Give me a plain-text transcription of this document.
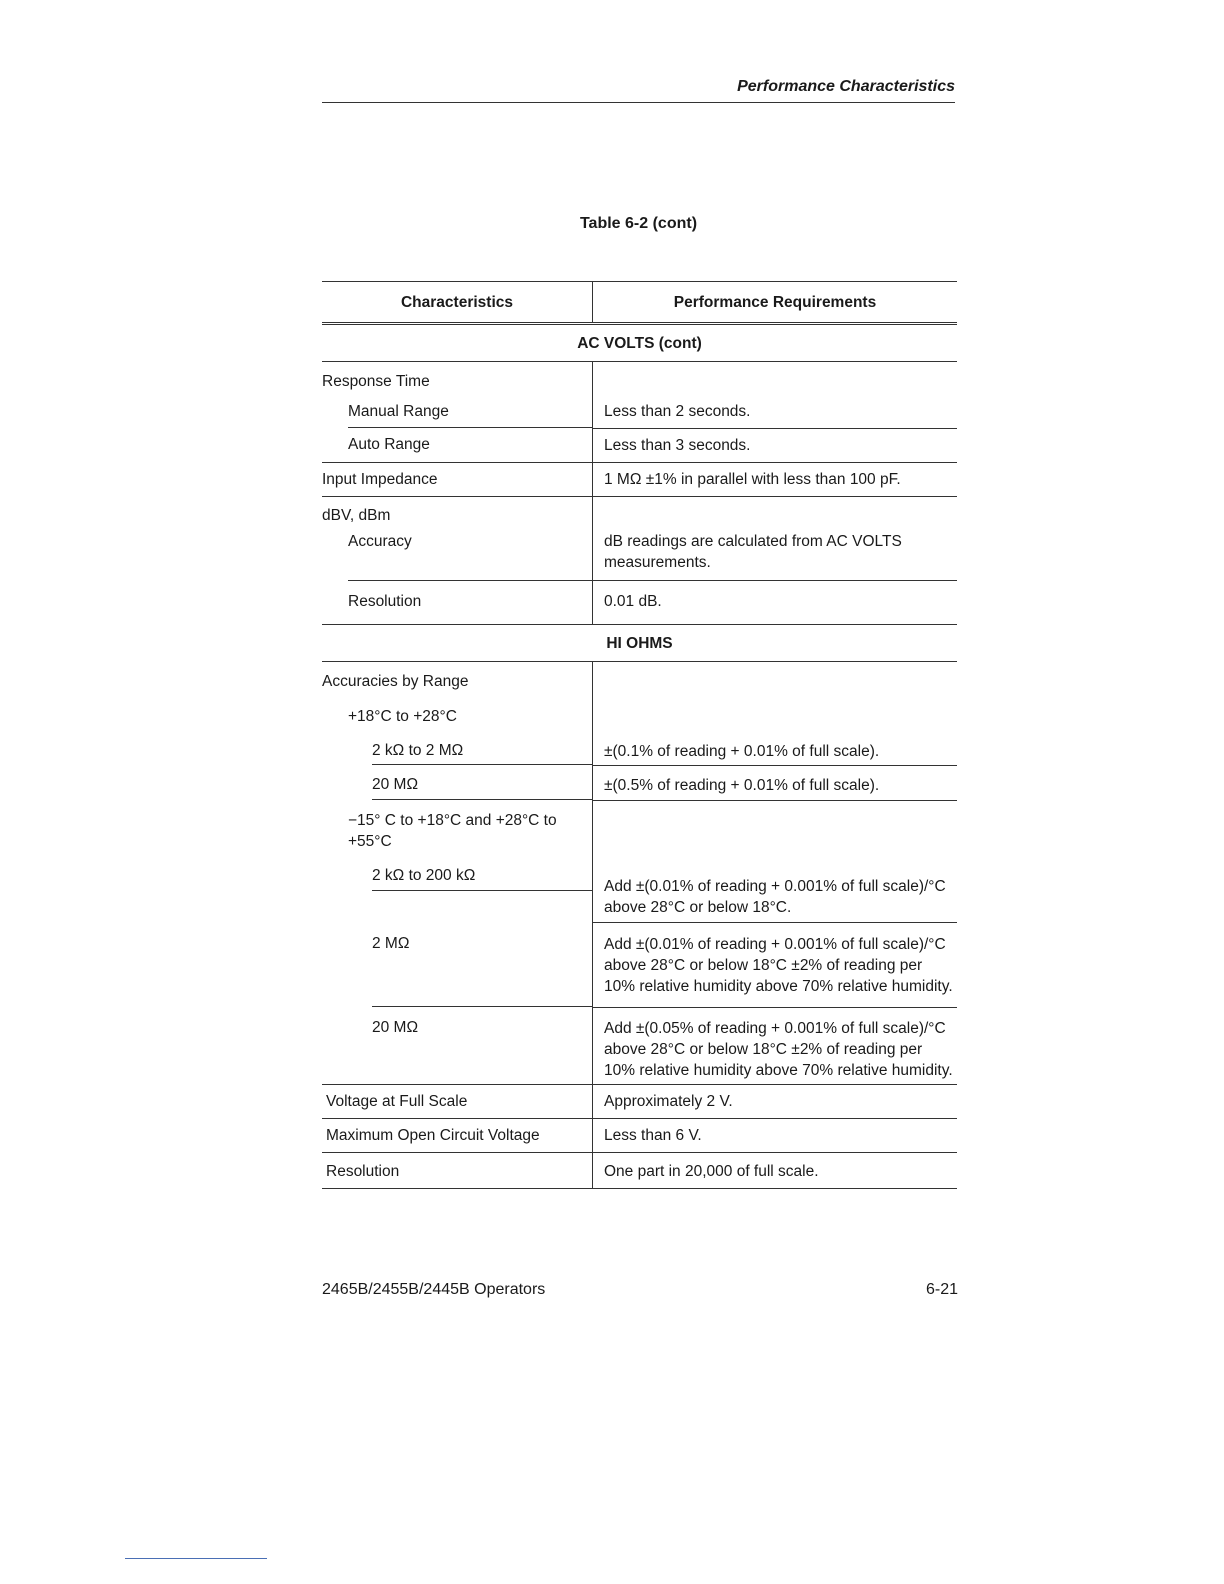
Performance Characteristics
Table 6-2 (cont)
Characteristics	Performance Requirements
AC VOLTS (cont)	

Response Time	

Manual Range	Less than 2 seconds.

Auto Range	Less than 3 seconds.
Input Impedance	1 MΩ ±1% in parallel with less than 100 pF.

dBV, dBm
Accuracy	dB readings are calculated from AC VOLTS measurements.

Resolution	0.01 dB.
HI OHMS	

Accuracies by Range
+18°C to +28°C
2 kΩ to 2 MΩ	±(0.1% of reading + 0.01% of full scale).

20 MΩ	±(0.5% of reading + 0.01% of full scale).

−15° C to +18°C and +28°C to +55°C
2 kΩ to 200 kΩ	Add ±(0.01% of reading + 0.001% of full scale)/°C above 28°C or below 18°C.

2 MΩ	Add ±(0.01% of reading + 0.001% of full scale)/°C above 28°C or below 18°C ±2% of reading per 10% relative humidity above 70% relative humidity.

20 MΩ	Add ±(0.05% of reading + 0.001% of full scale)/°C above 28°C or below 18°C ±2% of reading per 10% relative humidity above 70% relative humidity.
Voltage at Full Scale	Approximately 2 V.
Maximum Open Circuit Voltage	Less than 6 V.
Resolution	One part in 20,000 of full scale.
2465B/2455B/2445B Operators	6-21
